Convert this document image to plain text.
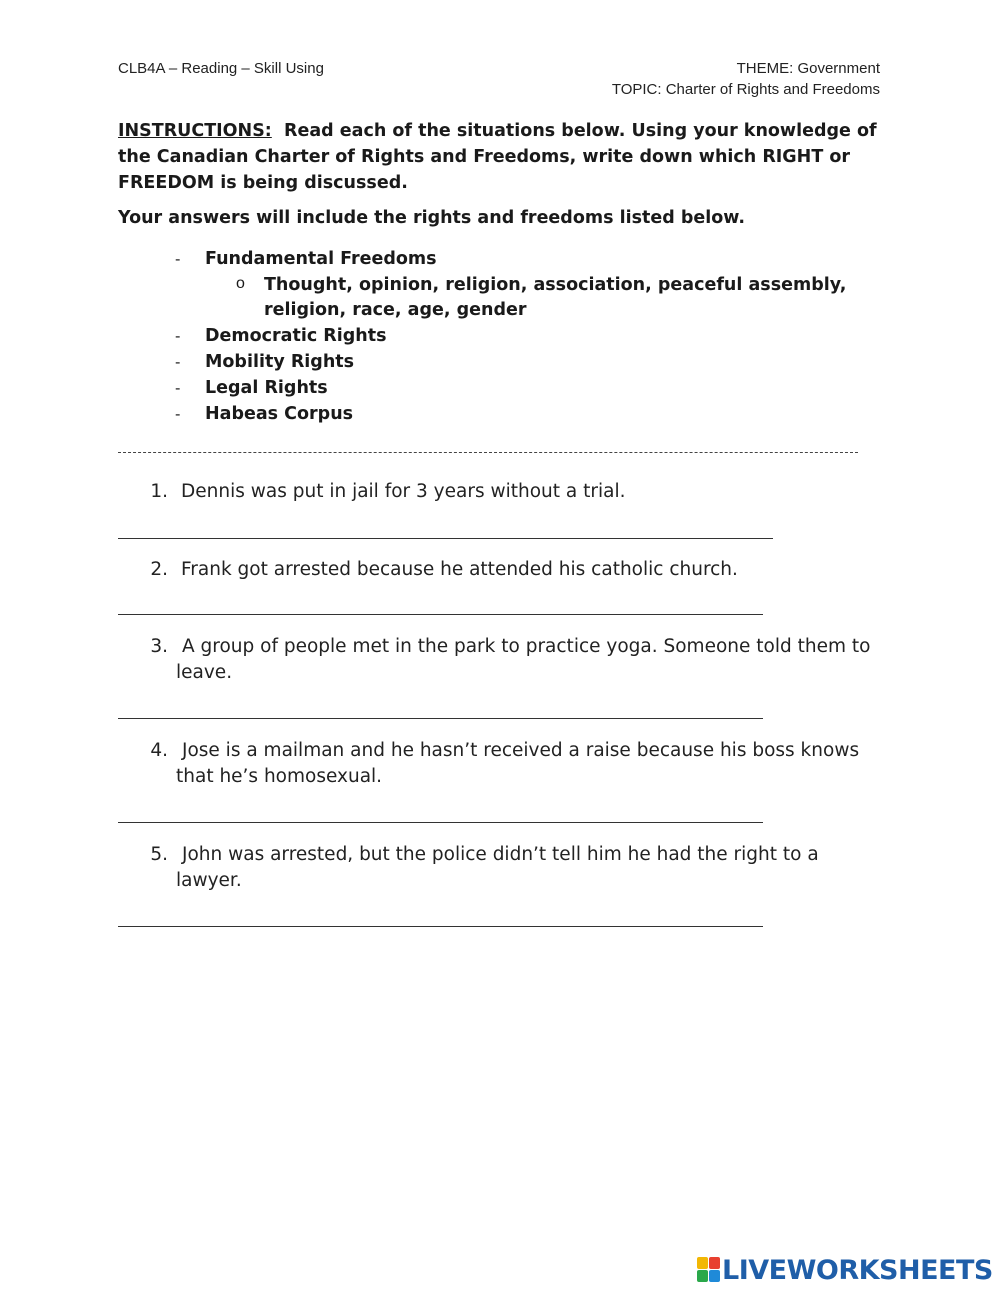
CLB4A – Reading – Skill Using	THEME: Government
TOPIC: Charter of Rights and Freedoms
INSTRUCTIONS: Read each of the situations below. Using your knowledge of the Canadian Charter of Rights and Freedoms, write down which RIGHT or FREEDOM is being discussed.
Your answers will include the rights and freedoms listed below.
- Fundamental Freedoms
o Thought, opinion, religion, association, peaceful assembly, religion, race, age, gender
- Democratic Rights
- Mobility Rights
- Legal Rights
- Habeas Corpus
1. Dennis was put in jail for 3 years without a trial.
2. Frank got arrested because he attended his catholic church.
3. A group of people met in the park to practice yoga. Someone told them to leave.
4. Jose is a mailman and he hasn’t received a raise because his boss knows that he’s homosexual.
5. John was arrested, but the police didn’t tell him he had the right to a lawyer.
LIVEWORKSHEETS
